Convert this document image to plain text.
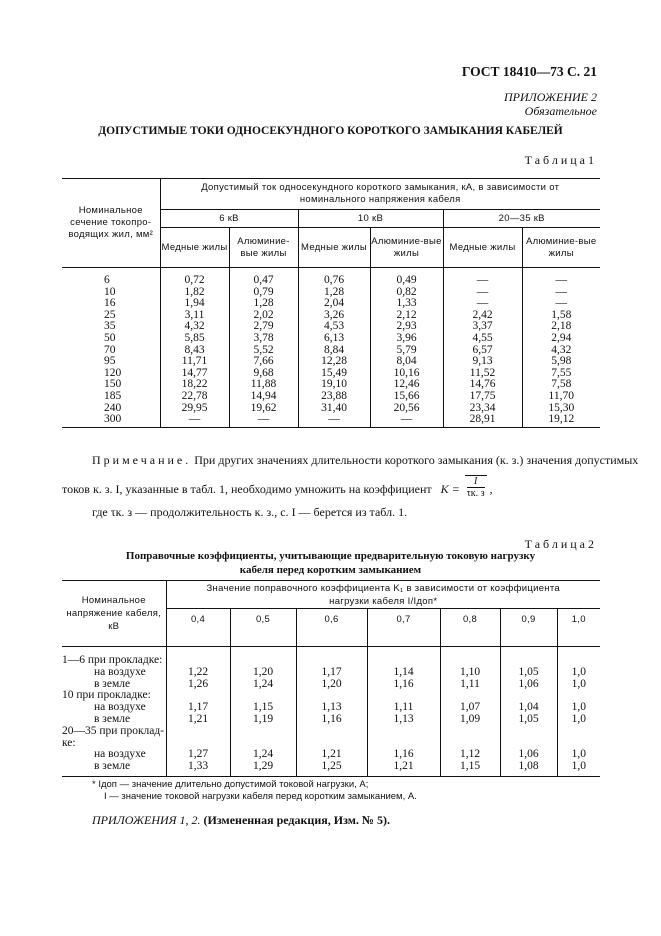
ГОСТ 18410—73 С. 21
ПРИЛОЖЕНИЕ 2
Обязательное
ДОПУСТИМЫЕ ТОКИ ОДНОСЕКУНДНОГО КОРОТКОГО ЗАМЫКАНИЯ КАБЕЛЕЙ
Таблица1
Номинальное сечение токопро-водящих жил, мм²	Допустимый ток односекундного короткого замыкания, кА, в зависимости от номинального напряжения кабеля					
	6 кВ		10 кВ		20—35 кВ	
	Медные жилы	Алюминие-вые жилы	Медные жилы	Алюминие-вые жилы	Медные жилы	Алюминие-вые жилы
6	0,72	0,47	0,76	0,49	—	—
10	1,82	0,79	1,28	0,82	—	—
16	1,94	1,28	2,04	1,33	—	—
25	3,11	2,02	3,26	2,12	2,42	1,58
35	4,32	2,79	4,53	2,93	3,37	2,18
50	5,85	3,78	6,13	3,96	4,55	2,94
70	8,43	5,52	8,84	5,79	6,57	4,32
95	11,71	7,66	12,28	8,04	9,13	5,98
120	14,77	9,68	15,49	10,16	11,52	7,55
150	18,22	11,88	19,10	12,46	14,76	7,58
185	22,78	14,94	23,88	15,66	17,75	11,70
240	29,95	19,62	31,40	20,56	23,34	15,30
300	—	—	—	—	28,91	19,12
Примечание. При других значениях длительности короткого замыкания (к. з.) значения допустимых
токов к. з. I, указанные в табл. 1, необходимо умножить на коэффициент K =
I
τк. з ,
где τк. з — продолжительность к. з., с. I — берется из табл. 1.
Таблица2
Поправочные коэффициенты, учитывающие предварительную токовую нагрузку
кабеля перед коротким замыканием
Номинальное напряжение кабеля, кВ	Значение поправочного коэффициента K₁ в зависимости от коэффициента
нагрузки кабеля I/Iдоп*						

	0,4	0,5	0,6	0,7	0,8	0,9	1,0
1—6 при прокладке:							
на воздухе	1,22	1,20	1,17	1,14	1,10	1,05	1,0
в земле	1,26	1,24	1,20	1,16	1,11	1,06	1,0
10 при прокладке:							
на воздухе	1,17	1,15	1,13	1,11	1,07	1,04	1,0
в земле	1,21	1,19	1,16	1,13	1,09	1,05	1,0
20—35 при проклад-							
ке:							
на воздухе	1,27	1,24	1,21	1,16	1,12	1,06	1,0
в земле	1,33	1,29	1,25	1,21	1,15	1,08	1,0
* Iдоп — значение длительно допустимой токовой нагрузки, А;
I — значение токовой нагрузки кабеля перед коротким замыканием, А.
ПРИЛОЖЕНИЯ 1, 2. (Измененная редакция, Изм. № 5).
